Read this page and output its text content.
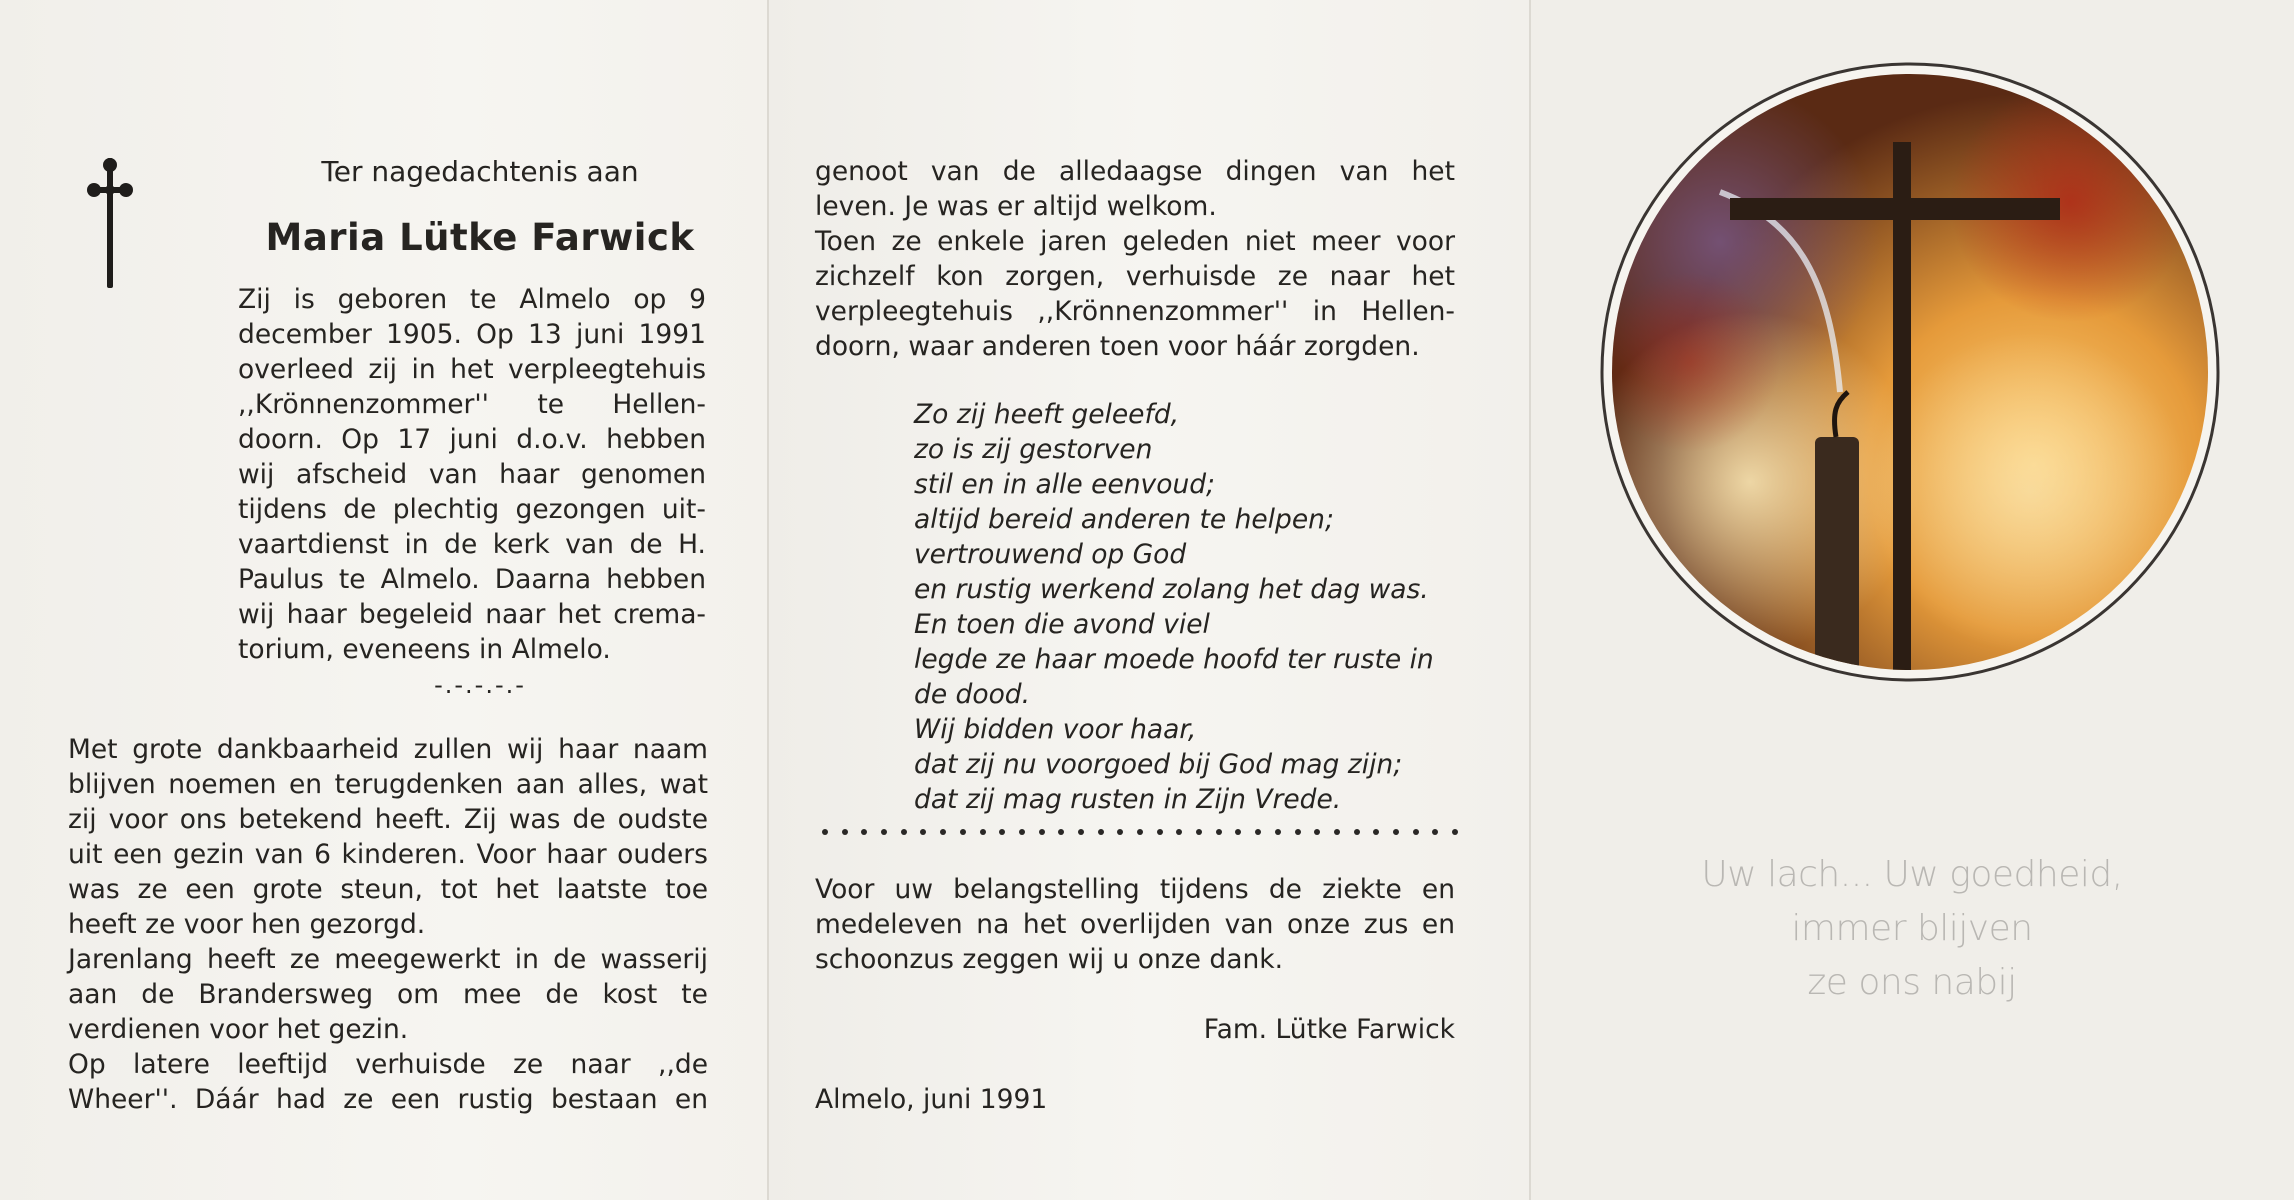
Ter nagedachtenis aan
Maria Lütke Farwick
Zij is geboren te Almelo op 9
december 1905. Op 13 juni 1991
overleed zij in het verpleegtehuis
,,Krönnenzommer'' te Hellen-
doorn. Op 17 juni d.o.v. hebben
wij afscheid van haar genomen
tijdens de plechtig gezongen uit-
vaartdienst in de kerk van de H.
Paulus te Almelo. Daarna hebben
wij haar begeleid naar het crema-
torium, eveneens in Almelo.
-.-.-.-.-
Met grote dankbaarheid zullen wij haar naam
blijven noemen en terugdenken aan alles, wat
zij voor ons betekend heeft. Zij was de oudste
uit een gezin van 6 kinderen. Voor haar ouders
was ze een grote steun, tot het laatste toe
heeft ze voor hen gezorgd.
Jarenlang heeft ze meegewerkt in de wasserij
aan de Brandersweg om mee de kost te
verdienen voor het gezin.
Op latere leeftijd verhuisde ze naar ,,de
Wheer''. Dáár had ze een rustig bestaan en
genoot van de alledaagse dingen van het
leven. Je was er altijd welkom.
Toen ze enkele jaren geleden niet meer voor
zichzelf kon zorgen, verhuisde ze naar het
verpleegtehuis ,,Krönnenzommer'' in Hellen-
doorn, waar anderen toen voor háár zorgden.
Zo zij heeft geleefd,
zo is zij gestorven
stil en in alle eenvoud;
altijd bereid anderen te helpen;
vertrouwend op God
en rustig werkend zolang het dag was.
En toen die avond viel
legde ze haar moede hoofd ter ruste in
de dood.
Wij bidden voor haar,
dat zij nu voorgoed bij God mag zijn;
dat zij mag rusten in Zijn Vrede.
Voor uw belangstelling tijdens de ziekte en
medeleven na het overlijden van onze zus en
schoonzus zeggen wij u onze dank.
Fam. Lütke Farwick
Almelo, juni 1991
Uw lach... Uw goedheid,
immer blijven
ze ons nabij
